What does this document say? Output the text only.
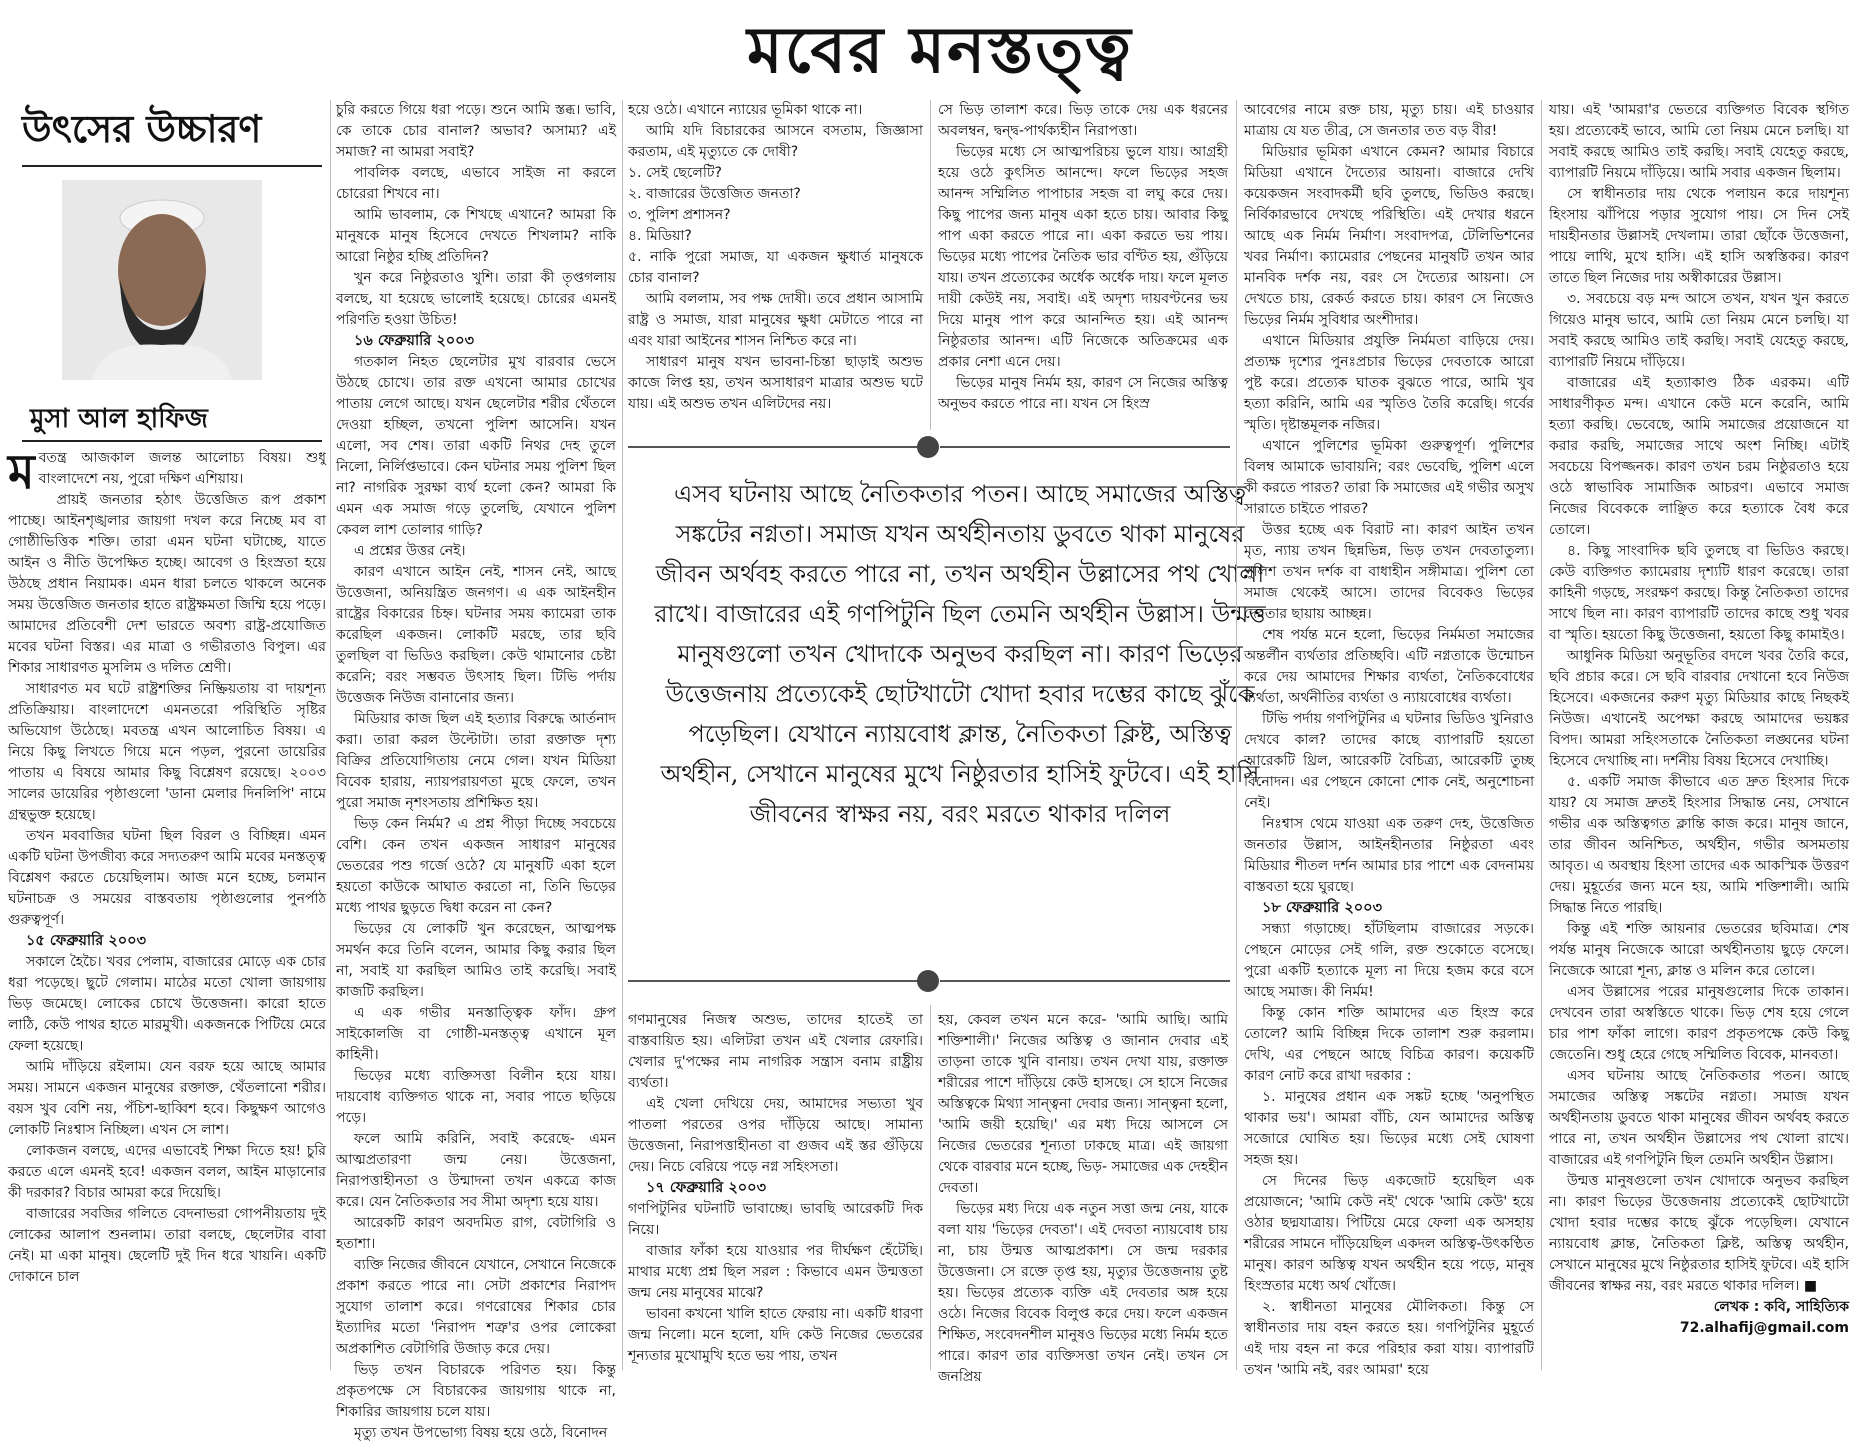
মবের মনস্তত্ত্ব
উৎসের উচ্চারণ
মুসা আল হাফিজ

মবতন্ত্র আজকাল জলন্ত আলোচ্য বিষয়। শুধু বাংলাদেশে নয়, পুরো দক্ষিণ এশিয়ায়।

প্রায়ই জনতার হঠাৎ উত্তেজিত রূপ প্রকাশ পাচ্ছে। আইনশৃঙ্খলার জায়গা দখল করে নিচ্ছে মব বা গোষ্ঠীভিত্তিক শক্তি। তারা এমন ঘটনা ঘটাচ্ছে, যাতে আইন ও নীতি উপেক্ষিত হচ্ছে। আবেগ ও হিংস্রতা হয়ে উঠছে প্রধান নিয়ামক। এমন ধারা চলতে থাকলে অনেক সময় উত্তেজিত জনতার হাতে রাষ্ট্রক্ষমতা জিম্মি হয়ে পড়ে। আমাদের প্রতিবেশী দেশ ভারতে অবশ্য রাষ্ট্র-প্রযোজিত মবের ঘটনা বিস্তর। এর মাত্রা ও গভীরতাও বিপুল। এর শিকার সাধারণত মুসলিম ও দলিত শ্রেণী।

সাধারণত মব ঘটে রাষ্ট্রশক্তির নিষ্ক্রিয়তায় বা দায়শূন্য প্রতিক্রিয়ায়। বাংলাদেশে এমনতরো পরিস্থিতি সৃষ্টির অভিযোগ উঠেছে। মবতন্ত্র এখন আলোচিত বিষয়। এ নিয়ে কিছু লিখতে গিয়ে মনে পড়ল, পুরনো ডায়েরির পাতায় এ বিষয়ে আমার কিছু বিশ্লেষণ রয়েছে। ২০০৩ সালের ডায়েরির পৃষ্ঠাগুলো 'ডানা মেলার দিনলিপি' নামে গ্রন্থভুক্ত হয়েছে।

তখন মববাজির ঘটনা ছিল বিরল ও বিচ্ছিন্ন। এমন একটি ঘটনা উপজীব্য করে সদ্যতরুণ আমি মবের মনস্তত্ত্ব বিশ্লেষণ করতে চেয়েছিলাম। আজ মনে হচ্ছে, চলমান ঘটনাচক্র ও সময়ের বাস্তবতায় পৃষ্ঠাগুলোর পুনর্পাঠ গুরুত্বপূর্ণ।

১৫ ফেব্রুয়ারি ২০০৩

সকালে হৈচৈ। খবর পেলাম, বাজারের মোড়ে এক চোর ধরা পড়েছে। ছুটে গেলাম। মাঠের মতো খোলা জায়গায় ভিড় জমেছে। লোকের চোখে উত্তেজনা। কারো হাতে লাঠি, কেউ পাথর হাতে মারমুখী। একজনকে পিটিয়ে মেরে ফেলা হয়েছে।

আমি দাঁড়িয়ে রইলাম। যেন বরফ হয়ে আছে আমার সময়। সামনে একজন মানুষের রক্তাক্ত, থেঁতলানো শরীর। বয়স খুব বেশি নয়, পঁচিশ-ছাব্বিশ হবে। কিছুক্ষণ আগেও লোকটি নিঃশ্বাস নিচ্ছিল। এখন সে লাশ।

লোকজন বলছে, এদের এভাবেই শিক্ষা দিতে হয়! চুরি করতে এলে এমনই হবে! একজন বলল, আইন মাড়ানোর কী দরকার? বিচার আমরা করে দিয়েছি।

বাজারের সবজির গলিতে বেদনাভরা গোপনীয়তায় দুই লোকের আলাপ শুনলাম। তারা বলছে, ছেলেটার বাবা নেই। মা একা মানুষ। ছেলেটি দুই দিন ধরে খায়নি। একটি দোকানে চাল

চুরি করতে গিয়ে ধরা পড়ে। শুনে আমি স্তব্ধ। ভাবি, কে তাকে চোর বানাল? অভাব? অসাম্য? এই সমাজ? না আমরা সবাই?

পাবলিক বলছে, এভাবে সাইজ না করলে চোরেরা শিখবে না।

আমি ভাবলাম, কে শিখছে এখানে? আমরা কি মানুষকে মানুষ হিসেবে দেখতে শিখলাম? নাকি আরো নিষ্ঠুর হচ্ছি প্রতিদিন?

খুন করে নিষ্ঠুরতাও খুশি। তারা কী তৃপ্তগলায় বলছে, যা হয়েছে ভালোই হয়েছে। চোরের এমনই পরিণতি হওয়া উচিত!

১৬ ফেব্রুয়ারি ২০০৩

গতকাল নিহত ছেলেটার মুখ বারবার ভেসে উঠছে চোখে। তার রক্ত এখনো আমার চোখের পাতায় লেগে আছে। যখন ছেলেটার শরীর থেঁতলে দেওয়া হচ্ছিল, তখনো পুলিশ আসেনি। যখন এলো, সব শেষ। তারা একটি নিথর দেহ তুলে নিলো, নির্লিপ্তভাবে। কেন ঘটনার সময় পুলিশ ছিল না? নাগরিক সুরক্ষা ব্যর্থ হলো কেন? আমরা কি এমন এক সমাজ গড়ে তুলেছি, যেখানে পুলিশ কেবল লাশ তোলার গাড়ি?

এ প্রশ্নের উত্তর নেই।

কারণ এখানে আইন নেই, শাসন নেই, আছে উত্তেজনা, অনিয়ন্ত্রিত জনগণ। এ এক আইনহীন রাষ্ট্রের বিকারের চিহ্ন। ঘটনার সময় ক্যামেরা তাক করেছিল একজন। লোকটি মরছে, তার ছবি তুলছিল বা ভিডিও করছিল। কেউ থামানোর চেষ্টা করেনি; বরং সম্ভবত উৎসাহ ছিল। টিভি পর্দায় উত্তেজক নিউজ বানানোর জন্য।

মিডিয়ার কাজ ছিল এই হত্যার বিরুদ্ধে আর্তনাদ করা। তারা করল উল্টোটা। তারা রক্তাক্ত দৃশ্য বিক্রির প্রতিযোগিতায় নেমে গেল। যখন মিডিয়া বিবেক হারায়, ন্যায়পরায়ণতা মুছে ফেলে, তখন পুরো সমাজ নৃশংসতায় প্রশিক্ষিত হয়।

ভিড় কেন নির্মম? এ প্রশ্ন পীড়া দিচ্ছে সবচেয়ে বেশি। কেন তখন একজন সাধারণ মানুষের ভেতরের পশু গর্জে ওঠে? যে মানুষটি একা হলে হয়তো কাউকে আঘাত করতো না, তিনি ভিড়ের মধ্যে পাথর ছুড়তে দ্বিধা করেন না কেন?

ভিড়ের যে লোকটি খুন করেছেন, আত্মপক্ষ সমর্থন করে তিনি বলেন, আমার কিছু করার ছিল না, সবাই যা করছিল আমিও তাই করেছি। সবাই কাজটি করছিল।

এ এক গভীর মনস্তাত্ত্বিক ফাঁদ। গ্রুপ সাইকোলজি বা গোষ্ঠী-মনস্তত্ত্ব এখানে মূল কাহিনী।

ভিড়ের মধ্যে ব্যক্তিসত্তা বিলীন হয়ে যায়। দায়বোধ ব্যক্তিগত থাকে না, সবার পাতে ছড়িয়ে পড়ে।

ফলে আমি করিনি, সবাই করেছে- এমন আত্মপ্রতারণা জন্ম নেয়। উত্তেজনা, নিরাপত্তাহীনতা ও উন্মাদনা তখন একত্রে কাজ করে। যেন নৈতিকতার সব সীমা অদৃশ্য হয়ে যায়।

আরেকটি কারণ অবদমিত রাগ, বেটাগিরি ও হতাশা।

ব্যক্তি নিজের জীবনে যেখানে, সেখানে নিজেকে প্রকাশ করতে পারে না। সেটা প্রকাশের নিরাপদ সুযোগ তালাশ করে। গণরোষের শিকার চোর ইত্যাদির মতো 'নিরাপদ শত্রু'র ওপর লোকেরা অপ্রকাশিত বেটাগিরি উজাড় করে দেয়।

ভিড় তখন বিচারকে পরিণত হয়। কিন্তু প্রকৃতপক্ষে সে বিচারকের জায়গায় থাকে না, শিকারির জায়গায় চলে যায়।

মৃত্যু তখন উপভোগ্য বিষয় হয়ে ওঠে, বিনোদন

হয়ে ওঠে। এখানে ন্যায়ের ভূমিকা থাকে না।

আমি যদি বিচারকের আসনে বসতাম, জিজ্ঞাসা করতাম, এই মৃত্যুতে কে দোষী?

১. সেই ছেলেটি?

২. বাজারের উত্তেজিত জনতা?

৩. পুলিশ প্রশাসন?

৪. মিডিয়া?

৫. নাকি পুরো সমাজ, যা একজন ক্ষুধার্ত মানুষকে চোর বানাল?

আমি বললাম, সব পক্ষ দোষী। তবে প্রধান আসামি রাষ্ট্র ও সমাজ, যারা মানুষের ক্ষুধা মেটাতে পারে না এবং যারা আইনের শাসন নিশ্চিত করে না।

সাধারণ মানুষ যখন ভাবনা-চিন্তা ছাড়াই অশুভ কাজে লিপ্ত হয়, তখন অসাধারণ মাত্রার অশুভ ঘটে যায়। এই অশুভ তখন এলিটদের নয়।

সে ভিড় তালাশ করে। ভিড় তাকে দেয় এক ধরনের অবলম্বন, দ্বন্দ্ব-পার্থক্যহীন নিরাপত্তা।

ভিড়ের মধ্যে সে আত্মপরিচয় ভুলে যায়। আগ্রহী হয়ে ওঠে কুৎসিত আনন্দে। ফলে ভিড়ের সহজ আনন্দ সম্মিলিত পাপাচার সহজ বা লঘু করে দেয়। কিছু পাপের জন্য মানুষ একা হতে চায়। আবার কিছু পাপ একা করতে পারে না। একা করতে ভয় পায়। ভিড়ের মধ্যে পাপের নৈতিক ভার বণ্টিত হয়, গুঁড়িয়ে যায়। তখন প্রত্যেকের অর্ধেক অর্ধেক দায়। ফলে মূলত দায়ী কেউই নয়, সবাই। এই অদৃশ্য দায়বণ্টনের ভয় দিয়ে মানুষ পাপ করে আনন্দিত হয়। এই আনন্দ নিষ্ঠুরতার আনন্দ। এটি নিজেকে অতিক্রমের এক প্রকার নেশা এনে দেয়।

ভিড়ের মানুষ নির্মম হয়, কারণ সে নিজের অস্তিত্ব অনুভব করতে পারে না। যখন সে হিংস্র

এসব ঘটনায় আছে নৈতিকতার পতন। আছে সমাজের অস্তিত্ব সঙ্কটের নগ্নতা। সমাজ যখন অর্থহীনতায় ডুবতে থাকা মানুষের জীবন অর্থবহ করতে পারে না, তখন অর্থহীন উল্লাসের পথ খোলা রাখে। বাজারের এই গণপিটুনি ছিল তেমনি অর্থহীন উল্লাস। উন্মত্ত মানুষগুলো তখন খোদাকে অনুভব করছিল না। কারণ ভিড়ের উত্তেজনায় প্রত্যেকেই ছোটখাটো খোদা হবার দম্ভের কাছে ঝুঁকে পড়েছিল। যেখানে ন্যায়বোধ ক্লান্ত, নৈতিকতা ক্লিষ্ট, অস্তিত্ব অর্থহীন, সেখানে মানুষের মুখে নিষ্ঠুরতার হাসিই ফুটবে। এই হাসি জীবনের স্বাক্ষর নয়, বরং মরতে থাকার দলিল

গণমানুষের নিজস্ব অশুভ, তাদের হাতেই তা বাস্তবায়িত হয়। এলিটরা তখন এই খেলার রেফারি। খেলার দু'পক্ষের নাম নাগরিক সন্ত্রাস বনাম রাষ্ট্রীয় ব্যর্থতা।

এই খেলা দেখিয়ে দেয়, আমাদের সভ্যতা খুব পাতলা পরতের ওপর দাঁড়িয়ে আছে। সামান্য উত্তেজনা, নিরাপত্তাহীনতা বা গুজব এই স্তর গুঁড়িয়ে দেয়। নিচে বেরিয়ে পড়ে নগ্ন সহিংসতা।

১৭ ফেব্রুয়ারি ২০০৩

গণপিটুনির ঘটনাটি ভাবাচ্ছে। ভাবছি আরেকটি দিক নিয়ে।

বাজার ফাঁকা হয়ে যাওয়ার পর দীর্ঘক্ষণ হেঁটেছি। মাথার মধ্যে প্রশ্ন ছিল সরল : কিভাবে এমন উন্মত্ততা জন্ম নেয় মানুষের মাঝে?

ভাবনা কখনো খালি হাতে ফেরায় না। একটি ধারণা জন্ম নিলো। মনে হলো, যদি কেউ নিজের ভেতরের শূন্যতার মুখোমুখি হতে ভয় পায়, তখন

হয়, কেবল তখন মনে করে- 'আমি আছি। আমি শক্তিশালী।' নিজের অস্তিত্ব ও জানান দেবার এই তাড়না তাকে খুনি বানায়। তখন দেখা যায়, রক্তাক্ত শরীরের পাশে দাঁড়িয়ে কেউ হাসছে। সে হাসে নিজের অস্তিত্বকে মিথ্যা সান্ত্বনা দেবার জন্য। সান্ত্বনা হলো, 'আমি জয়ী হয়েছি।' এর মধ্য দিয়ে আসলে সে নিজের ভেতরের শূন্যতা ঢাকছে মাত্র। এই জায়গা থেকে বারবার মনে হচ্ছে, ভিড়- সমাজের এক দেহহীন দেবতা।

ভিড়ের মধ্য দিয়ে এক নতুন সত্তা জন্ম নেয়, যাকে বলা যায় 'ভিড়ের দেবতা'। এই দেবতা ন্যায়বোধ চায় না, চায় উন্মত্ত আত্মপ্রকাশ। সে জন্ম দরকার উত্তেজনা। সে রক্তে তৃপ্ত হয়, মৃত্যুর উত্তেজনায় তুষ্ট হয়। ভিড়ের প্রত্যেক ব্যক্তি এই দেবতার অঙ্গ হয়ে ওঠে। নিজের বিবেক বিলুপ্ত করে দেয়। ফলে একজন শিক্ষিত, সংবেদনশীল মানুষও ভিড়ের মধ্যে নির্মম হতে পারে। কারণ তার ব্যক্তিসত্তা তখন নেই। তখন সে জনপ্রিয়

আবেগের নামে রক্ত চায়, মৃত্যু চায়। এই চাওয়ার মাত্রায় যে যত তীব্র, সে জনতার তত বড় বীর!

মিডিয়ার ভূমিকা এখানে কেমন? আমার বিচারে মিডিয়া এখানে দৈত্যের আয়না। বাজারে দেখি কয়েকজন সংবাদকর্মী ছবি তুলছে, ভিডিও করছে। নির্বিকারভাবে দেখছে পরিস্থিতি। এই দেখার ধরনে আছে এক নির্মম নির্মাণ। সংবাদপত্র, টেলিভিশনের খবর নির্মাণ। ক্যামেরার পেছনের মানুষটি তখন আর মানবিক দর্শক নয়, বরং সে দৈত্যের আয়না। সে দেখতে চায়, রেকর্ড করতে চায়। কারণ সে নিজেও ভিড়ের নির্মম সুবিধার অংশীদার।

এখানে মিডিয়ার প্রযুক্তি নির্মমতা বাড়িয়ে দেয়। প্রত্যক্ষ দৃশ্যের পুনঃপ্রচার ভিড়ের দেবতাকে আরো পুষ্ট করে। প্রত্যেক ঘাতক বুঝতে পারে, আমি খুব হত্যা করিনি, আমি এর স্মৃতিও তৈরি করেছি। গর্বের স্মৃতি। দৃষ্টান্তমূলক নজির।

এখানে পুলিশের ভূমিকা গুরুত্বপূর্ণ। পুলিশের বিলম্ব আমাকে ভাবায়নি; বরং ভেবেছি, পুলিশ এলে কী করতে পারত? তারা কি সমাজের এই গভীর অসুখ সারাতে চাইতে পারত?

উত্তর হচ্ছে এক বিরাট না। কারণ আইন তখন মৃত, ন্যায় তখন ছিন্নভিন্ন, ভিড় তখন দেবতাতুল্য। পুলিশ তখন দর্শক বা বাধাহীন সঙ্গীমাত্র। পুলিশ তো সমাজ থেকেই আসে। তাদের বিবেকও ভিড়ের দেবতার ছায়ায় আচ্ছন্ন।

শেষ পর্যন্ত মনে হলো, ভিড়ের নির্মমতা সমাজের অন্তর্লীন ব্যর্থতার প্রতিচ্ছবি। এটি নগ্নতাকে উন্মোচন করে দেয় আমাদের শিক্ষার ব্যর্থতা, নৈতিকবোধের ব্যর্থতা, অর্থনীতির ব্যর্থতা ও ন্যায়বোধের ব্যর্থতা।

টিভি পর্দায় গণপিটুনির এ ঘটনার ভিডিও খুনিরাও দেখবে কাল? তাদের কাছে ব্যাপারটি হয়তো আরেকটি থ্রিল, আরেকটি বৈচিত্র্য, আরেকটি তুচ্ছ বিনোদন। এর পেছনে কোনো শোক নেই, অনুশোচনা নেই।

নিঃশ্বাস থেমে যাওয়া এক তরুণ দেহ, উত্তেজিত জনতার উল্লাস, আইনহীনতার নিষ্ঠুরতা এবং মিডিয়ার শীতল দর্শন আমার চার পাশে এক বেদনাময় বাস্তবতা হয়ে ঘুরছে।

১৮ ফেব্রুয়ারি ২০০৩

সন্ধ্যা গড়াচ্ছে। হাঁটছিলাম বাজারের সড়কে। পেছনে মোড়ের সেই গলি, রক্ত শুকোতে বসেছে। পুরো একটি হত্যাকে মূল্য না দিয়ে হজম করে বসে আছে সমাজ। কী নির্মম!

কিন্তু কোন শক্তি আমাদের এত হিংস্র করে তোলে? আমি বিচ্ছিন্ন দিকে তালাশ শুরু করলাম। দেখি, এর পেছনে আছে বিচিত্র কারণ। কয়েকটি কারণ নোট করে রাখা দরকার :

১. মানুষের প্রধান এক সঙ্কট হচ্ছে 'অনুপস্থিত থাকার ভয়'। আমরা বাঁচি, যেন আমাদের অস্তিত্ব সজোরে ঘোষিত হয়। ভিড়ের মধ্যে সেই ঘোষণা সহজ হয়।

সে দিনের ভিড় একজোট হয়েছিল এক প্রয়োজনে; 'আমি কেউ নই' থেকে 'আমি কেউ' হয়ে ওঠার ছদ্মযাত্রায়। পিটিয়ে মেরে ফেলা এক অসহায় শরীরের সামনে দাঁড়িয়েছিল একদল অস্তিত্ব-উৎকণ্ঠিত মানুষ। কারণ অস্তিত্ব যখন অর্থহীন হয়ে পড়ে, মানুষ হিংস্রতার মধ্যে অর্থ খোঁজে।

২. স্বাধীনতা মানুষের মৌলিকতা। কিন্তু সে স্বাধীনতার দায় বহন করতে হয়। গণপিটুনির মুহূর্তে এই দায় বহন না করে পরিহার করা যায়। ব্যাপারটি তখন 'আমি নই, বরং আমরা' হয়ে

যায়। এই 'আমরা'র ভেতরে ব্যক্তিগত বিবেক স্থগিত হয়। প্রত্যেকেই ভাবে, আমি তো নিয়ম মেনে চলছি। যা সবাই করছে আমিও তাই করছি। সবাই যেহেতু করছে, ব্যাপারটি নিয়মে দাঁড়িয়ে। আমি সবার একজন ছিলাম।

সে স্বাধীনতার দায় থেকে পলায়ন করে দায়শূন্য হিংসায় ঝাঁপিয়ে পড়ার সুযোগ পায়। সে দিন সেই দায়হীনতার উল্লাসই দেখলাম। তারা ছোঁকে উত্তেজনা, পায়ে লাথি, মুখে হাসি। এই হাসি অস্বস্তিকর। কারণ তাতে ছিল নিজের দায় অস্বীকারের উল্লাস।

৩. সবচেয়ে বড় মন্দ আসে তখন, যখন খুন করতে গিয়েও মানুষ ভাবে, আমি তো নিয়ম মেনে চলছি। যা সবাই করছে আমিও তাই করছি। সবাই যেহেতু করছে, ব্যাপারটি নিয়মে দাঁড়িয়ে।

বাজারের এই হত্যাকাণ্ড ঠিক এরকম। এটি সাধারণীকৃত মন্দ। এখানে কেউ মনে করেনি, আমি হত্যা করছি। ভেবেছে, আমি সমাজের প্রয়োজনে যা করার করছি, সমাজের সাথে অংশ নিচ্ছি। এটাই সবচেয়ে বিপজ্জনক। কারণ তখন চরম নিষ্ঠুরতাও হয়ে ওঠে স্বাভাবিক সামাজিক আচরণ। এভাবে সমাজ নিজের বিবেককে লাঞ্ছিত করে হত্যাকে বৈধ করে তোলে।

৪. কিছু সাংবাদিক ছবি তুলছে বা ভিডিও করছে। কেউ ব্যক্তিগত ক্যামেরায় দৃশ্যটি ধারণ করেছে। তারা কাহিনী গড়ছে, সংরক্ষণ করছে। কিন্তু নৈতিকতা তাদের সাথে ছিল না। কারণ ব্যাপারটি তাদের কাছে শুধু খবর বা স্মৃতি। হয়তো কিছু উত্তেজনা, হয়তো কিছু কামাইও।

আধুনিক মিডিয়া অনুভূতির বদলে খবর তৈরি করে, ছবি প্রচার করে। সে ছবি বারবার দেখানো হবে নিউজ হিসেবে। একজনের করুণ মৃত্যু মিডিয়ার কাছে নিছকই নিউজ। এখানেই অপেক্ষা করছে আমাদের ভয়ঙ্কর বিপদ। আমরা সহিংসতাকে নৈতিকতা লঙ্ঘনের ঘটনা হিসেবে দেখাচ্ছি না। দর্শনীয় বিষয় হিসেবে দেখাচ্ছি।

৫. একটি সমাজ কীভাবে এত দ্রুত হিংসার দিকে যায়? যে সমাজ দ্রুতই হিংসার সিদ্ধান্ত নেয়, সেখানে গভীর এক অস্তিত্বগত ক্লান্তি কাজ করে। মানুষ জানে, তার জীবন অনিশ্চিত, অর্থহীন, গভীর অসমতায় আবৃত। এ অবস্থায় হিংসা তাদের এক আকস্মিক উত্তরণ দেয়। মুহূর্তের জন্য মনে হয়, আমি শক্তিশালী। আমি সিদ্ধান্ত নিতে পারছি।

কিন্তু এই শক্তি আয়নার ভেতরের ছবিমাত্র। শেষ পর্যন্ত মানুষ নিজেকে আরো অর্থহীনতায় ছুড়ে ফেলে। নিজেকে আরো শূন্য, ক্লান্ত ও মলিন করে তোলে।

এসব উল্লাসের পরের মানুষগুলোর দিকে তাকান। দেখবেন তারা অস্বস্তিতে থাকে। ভিড় শেষ হয়ে গেলে চার পাশ ফাঁকা লাগে। কারণ প্রকৃতপক্ষে কেউ কিছু জেতেনি। শুধু হেরে গেছে সম্মিলিত বিবেক, মানবতা।

এসব ঘটনায় আছে নৈতিকতার পতন। আছে সমাজের অস্তিত্ব সঙ্কটের নগ্নতা। সমাজ যখন অর্থহীনতায় ডুবতে থাকা মানুষের জীবন অর্থবহ করতে পারে না, তখন অর্থহীন উল্লাসের পথ খোলা রাখে। বাজারের এই গণপিটুনি ছিল তেমনি অর্থহীন উল্লাস।

উন্মত্ত মানুষগুলো তখন খোদাকে অনুভব করছিল না। কারণ ভিড়ের উত্তেজনায় প্রত্যেকেই ছোটখাটো খোদা হবার দম্ভের কাছে ঝুঁকে পড়েছিল। যেখানে ন্যায়বোধ ক্লান্ত, নৈতিকতা ক্লিষ্ট, অস্তিত্ব অর্থহীন, সেখানে মানুষের মুখে নিষ্ঠুরতার হাসিই ফুটবে। এই হাসি জীবনের স্বাক্ষর নয়, বরং মরতে থাকার দলিল। ■

লেখক : কবি, সাহিত্যিক

72.alhafij@gmail.com
